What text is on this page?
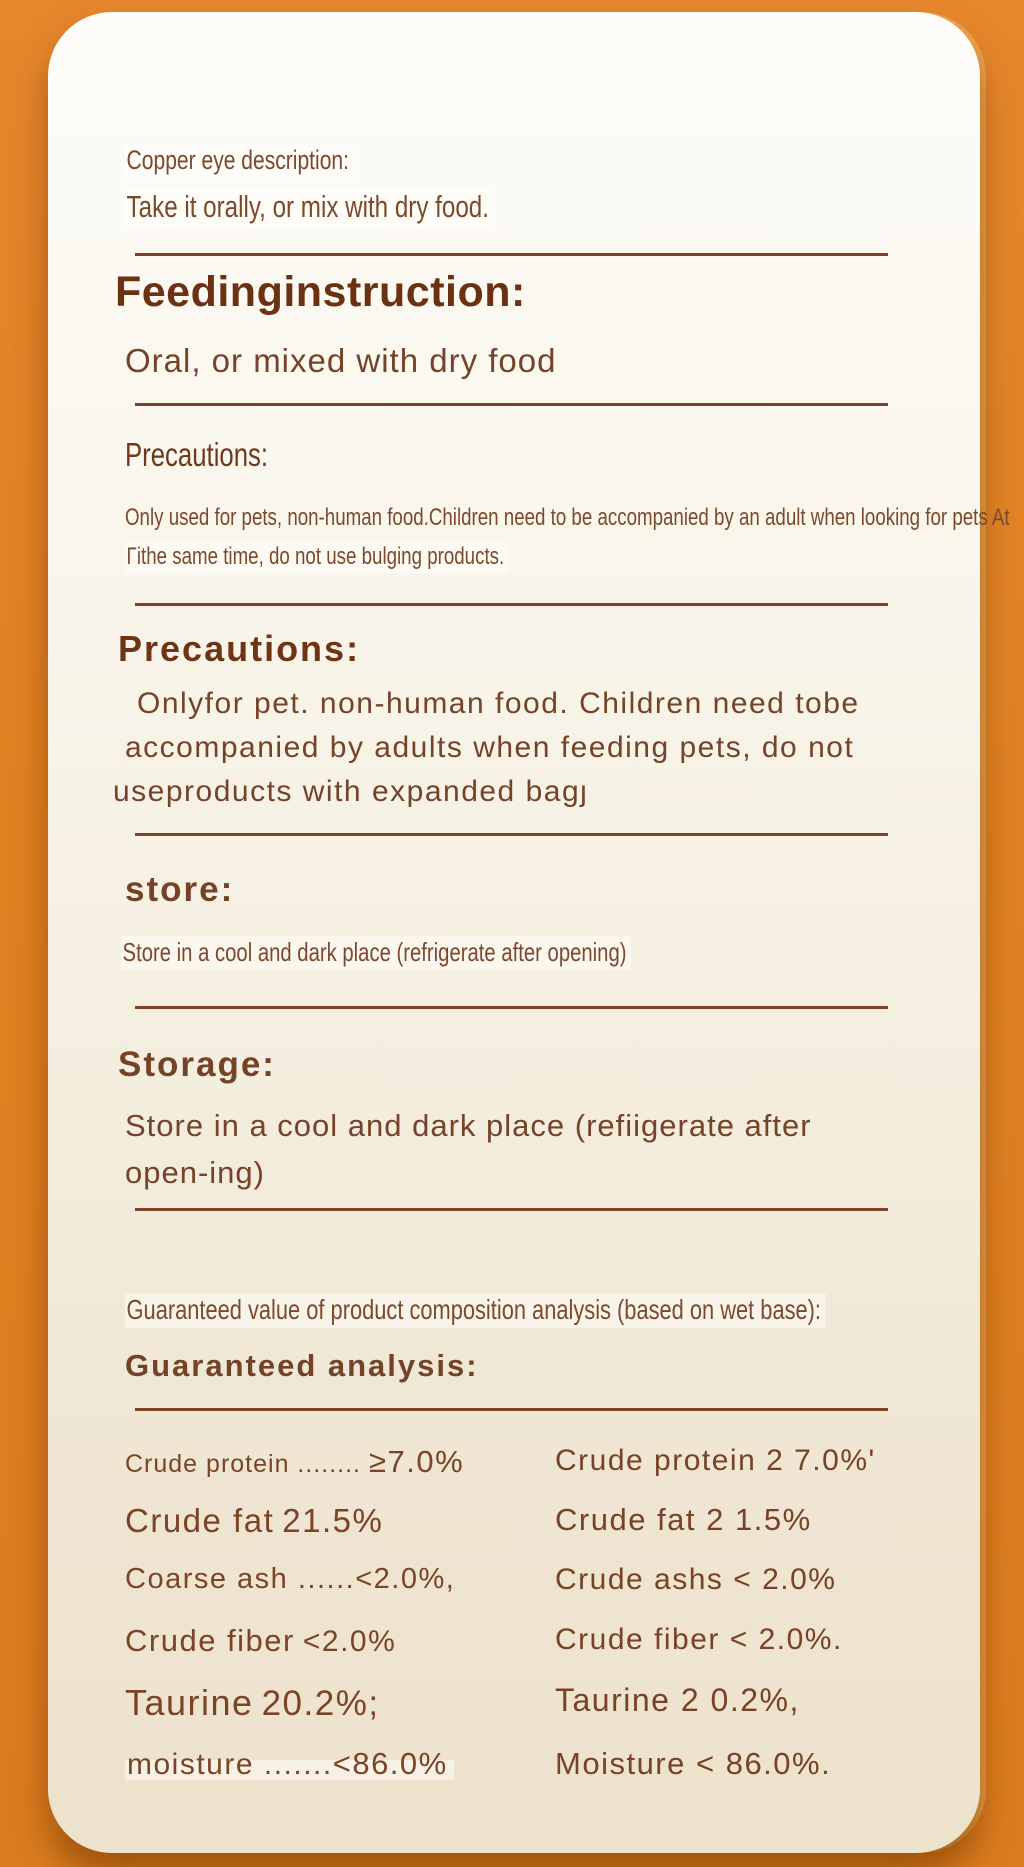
Copper eye description:
Take it orally, or mix with dry food.
Feedinginstruction:
Oral, or mixed with dry food
Precautions:
Only used for pets, non-human food.Children need to be accompanied by an adult when looking for pets At
Γithe same time, do not use bulging products.
Precautions:
Onlyfor pet. non-human food. Children need tobe
accompanied by adults when feeding pets, do not
useproducts with expanded bagȷ
store:
Store in a cool and dark place (refrigerate after opening)
Storage:
Store in a cool and dark place (refiigerate after
open-ing)
Guaranteed value of product composition analysis (based on wet base):
Guaranteed analysis:
Crude protein ........ ≥7.0%	Crude protein 2 7.0%'
Crude fat 21.5%	Crude fat 2 1.5%
Coarse ash ......<2.0%,	Crude ashs < 2.0%
Crude fiber <2.0%	Crude fiber < 2.0%.
Taurine 20.2%;	Taurine 2 0.2%,
moisture .......<86.0%	Moisture < 86.0%.
